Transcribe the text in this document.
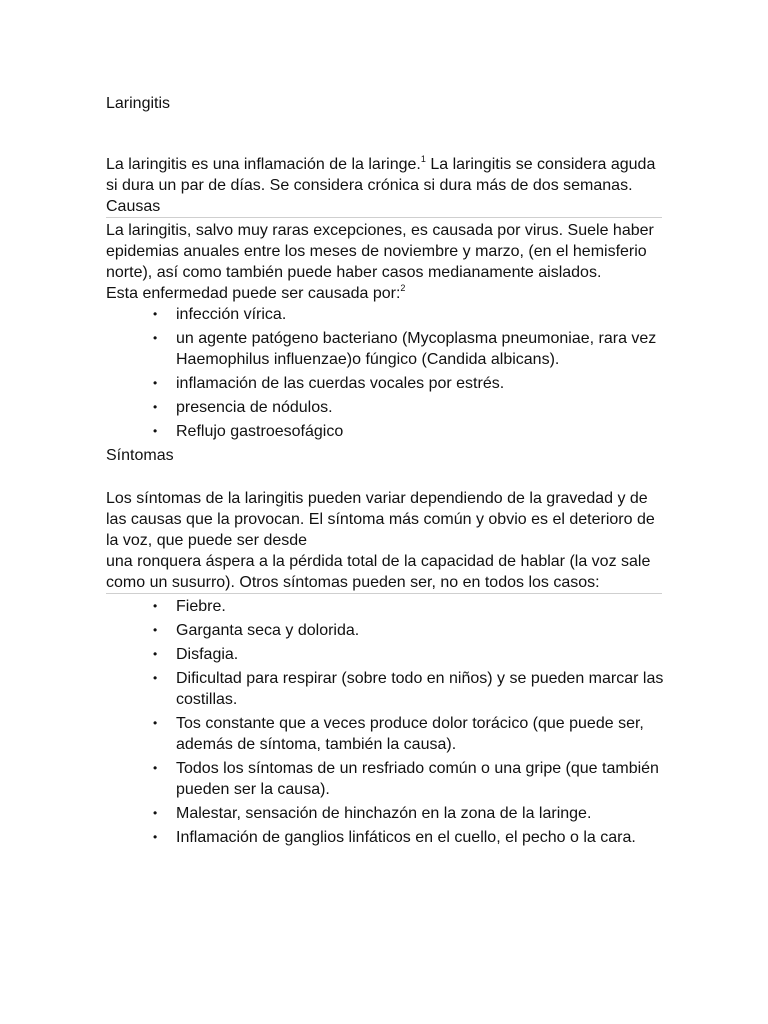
Laringitis

La laringitis es una inflamación de la laringe.$^1$ La laringitis se considera aguda si dura un par de días. Se considera crónica si dura más de dos semanas.

Causas

La laringitis, salvo muy raras excepciones, es causada por virus. Suele haber epidemias anuales entre los meses de noviembre y marzo, (en el hemisferio norte), así como también puede haber casos medianamente aislados.

Esta enfermedad puede ser causada por:$^2$

• infección vírica.
• un agente patógeno bacteriano (Mycoplasma pneumoniae, rara vez Haemophilus influenzae)o fúngico (Candida albicans).
• inflamación de las cuerdas vocales por estrés.
• presencia de nódulos.
• Reflujo gastroesofágico
Síntomas

Los síntomas de la laringitis pueden variar dependiendo de la gravedad y de las causas que la provocan. El síntoma más común y obvio es el deterioro de la voz, que puede ser desde

una ronquera áspera a la pérdida total de la capacidad de hablar (la voz sale como un susurro). Otros síntomas pueden ser, no en todos los casos:

• Fiebre.
• Garganta seca y dolorida.
• Disfagia.
• Dificultad para respirar (sobre todo en niños) y se pueden marcar las costillas.
• Tos constante que a veces produce dolor torácico (que puede ser, además de síntoma, también la causa).
• Todos los síntomas de un resfriado común o una gripe (que también pueden ser la causa).
• Malestar, sensación de hinchazón en la zona de la laringe.
• Inflamación de ganglios linfáticos en el cuello, el pecho o la cara.
